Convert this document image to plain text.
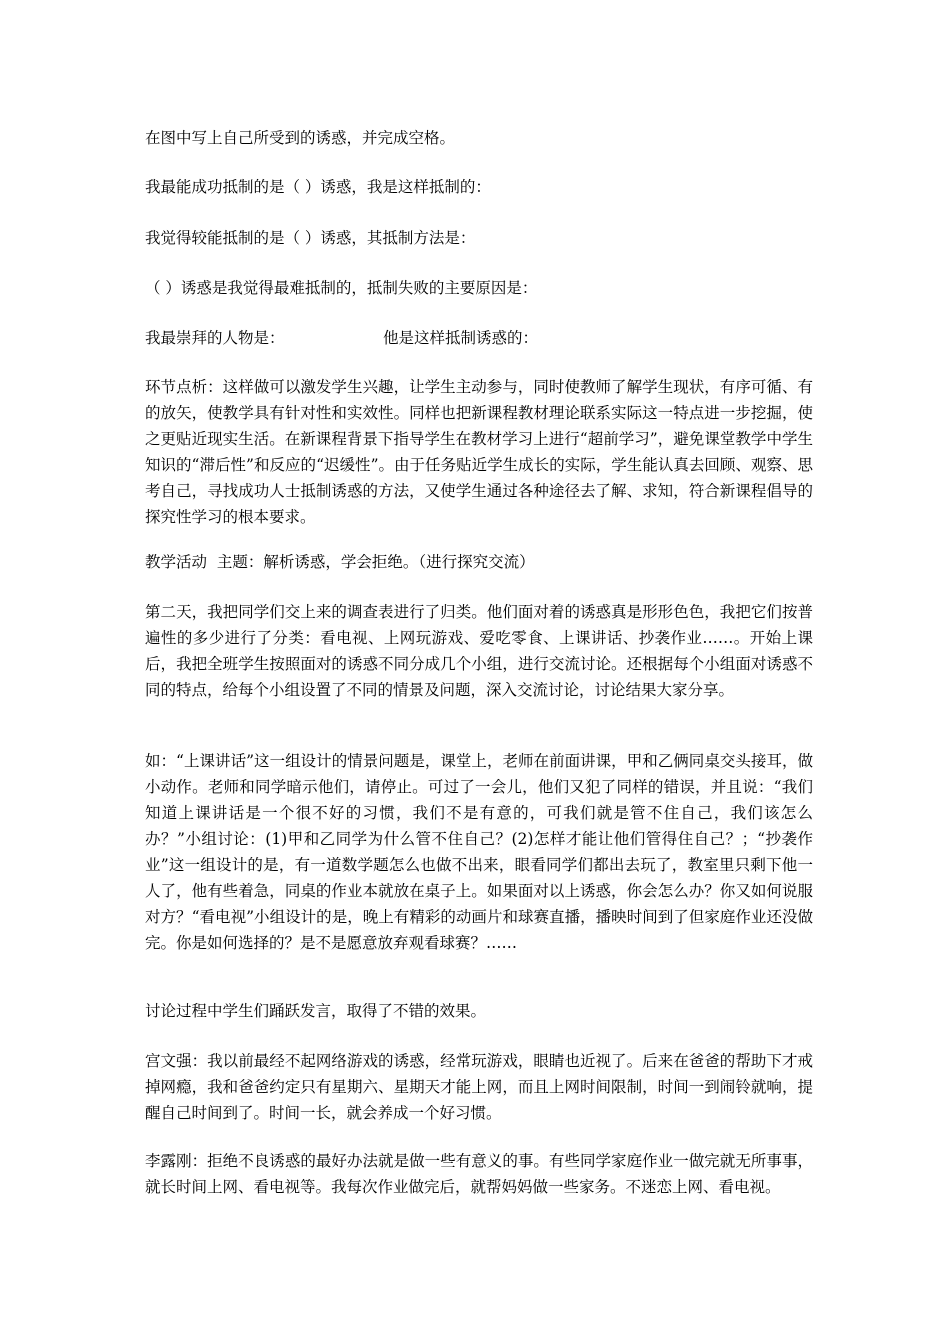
在图中写上自己所受到的诱惑，并完成空格。

我最能成功抵制的是（ ）诱惑，我是这样抵制的：

我觉得较能抵制的是（ ）诱惑，其抵制方法是：

（ ）诱惑是我觉得最难抵制的，抵制失败的主要原因是：

我最崇拜的人物是：                    他是这样抵制诱惑的：

环节点析：这样做可以激发学生兴趣，让学生主动参与，同时使教师了解学生现状，有序可循、有的放矢，使教学具有针对性和实效性。同样也把新课程教材理论联系实际这一特点进一步挖掘，使之更贴近现实生活。在新课程背景下指导学生在教材学习上进行“超前学习”，避免课堂教学中学生知识的“滞后性”和反应的“迟缓性”。由于任务贴近学生成长的实际，学生能认真去回顾、观察、思考自己，寻找成功人士抵制诱惑的方法，又使学生通过各种途径去了解、求知，符合新课程倡导的探究性学习的根本要求。

教学活动  主题：解析诱惑，学会拒绝。（进行探究交流）

第二天，我把同学们交上来的调查表进行了归类。他们面对着的诱惑真是形形色色，我把它们按普遍性的多少进行了分类：看电视、上网玩游戏、爱吃零食、上课讲话、抄袭作业……。开始上课后，我把全班学生按照面对的诱惑不同分成几个小组，进行交流讨论。还根据每个小组面对诱惑不同的特点，给每个小组设置了不同的情景及问题，深入交流讨论，讨论结果大家分享。

如：“上课讲话”这一组设计的情景问题是，课堂上，老师在前面讲课，甲和乙俩同桌交头接耳，做小动作。老师和同学暗示他们，请停止。可过了一会儿，他们又犯了同样的错误，并且说：“我们知道上课讲话是一个很不好的习惯，我们不是有意的，可我们就是管不住自己，我们该怎么办？”小组讨论：(1)甲和乙同学为什么管不住自己？(2)怎样才能让他们管得住自己？；“抄袭作业”这一组设计的是，有一道数学题怎么也做不出来，眼看同学们都出去玩了，教室里只剩下他一人了，他有些着急，同桌的作业本就放在桌子上。如果面对以上诱惑，你会怎么办？你又如何说服对方？“看电视”小组设计的是，晚上有精彩的动画片和球赛直播，播映时间到了但家庭作业还没做完。你是如何选择的？是不是愿意放弃观看球赛？……

讨论过程中学生们踊跃发言，取得了不错的效果。

宫文强：我以前最经不起网络游戏的诱惑，经常玩游戏，眼睛也近视了。后来在爸爸的帮助下才戒掉网瘾，我和爸爸约定只有星期六、星期天才能上网，而且上网时间限制，时间一到闹铃就响，提醒自己时间到了。时间一长，就会养成一个好习惯。

李露刚：拒绝不良诱惑的最好办法就是做一些有意义的事。有些同学家庭作业一做完就无所事事，就长时间上网、看电视等。我每次作业做完后，就帮妈妈做一些家务。不迷恋上网、看电视。
